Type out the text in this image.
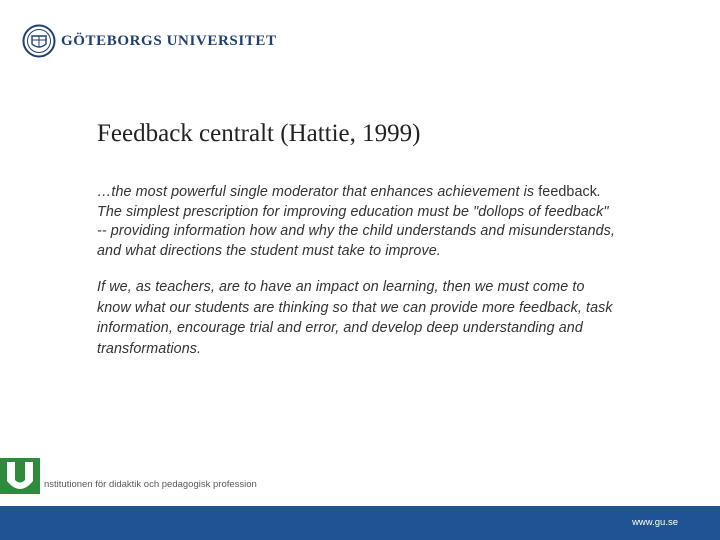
GÖTEBORGS UNIVERSITET
Feedback centralt (Hattie, 1999)

…the most powerful single moderator that enhances achievement is feedback. The simplest prescription for improving education must be "dollops of feedback" -- providing information how and why the child understands and misunderstands, and what directions the student must take to improve.

If we, as teachers, are to have an impact on learning, then we must come to know what our students are thinking so that we can provide more feedback, task information, encourage trial and error, and develop deep understanding and transformations.

nstitutionen för didaktik och pedagogisk profession
www.gu.se
